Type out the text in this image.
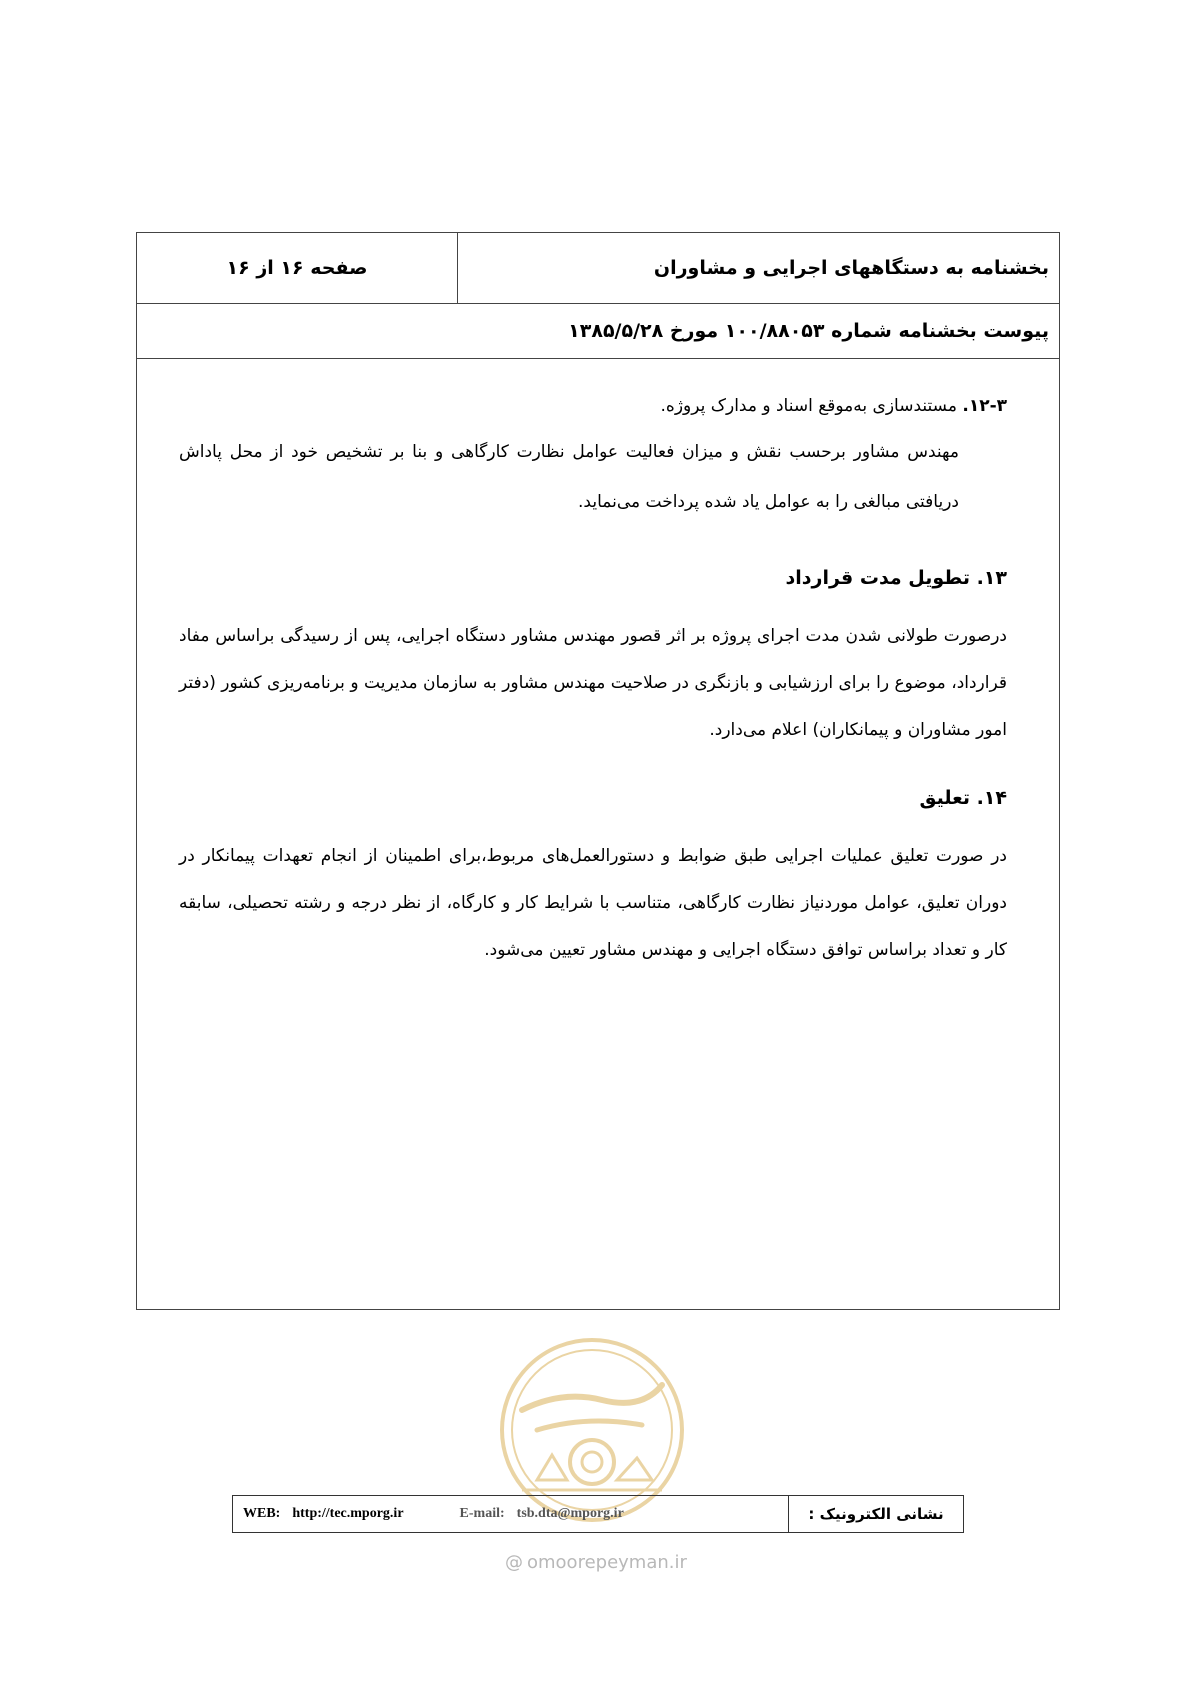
بخشنامه به دستگاههای اجرایی و مشاوران
صفحه ۱۶ از ۱۶
پیوست بخشنامه شماره ۱۰۰/۸۸۰۵۳ مورخ ۱۳۸۵/۵/۲۸

۱۲-۳. مستندسازی به‌موقع اسناد و مدارک پروژه.

مهندس مشاور برحسب نقش و میزان فعالیت عوامل نظارت کارگاهی و بنا بر تشخیص خود از محل پاداش دریافتی مبالغی را به عوامل یاد شده پرداخت می‌نماید.

۱۳. تطویل مدت قرارداد

درصورت طولانی شدن مدت اجرای پروژه بر اثر قصور مهندس مشاور دستگاه اجرایی، پس از رسیدگی براساس مفاد قرارداد، موضوع را برای ارزشیابی و بازنگری در صلاحیت مهندس مشاور به سازمان مدیریت و برنامه‌ریزی کشور (دفتر امور مشاوران و پیمانکاران) اعلام می‌دارد.

۱۴. تعلیق

در صورت تعلیق عملیات اجرایی طبق ضوابط و دستورالعمل‌های مربوط،برای اطمینان از انجام تعهدات پیمانکار در دوران تعلیق، عوامل موردنیاز نظارت کارگاهی، متناسب با شرایط کار و کارگاه، از نظر درجه و رشته تحصیلی، سابقه کار و تعداد براساس توافق دستگاه اجرایی و مهندس مشاور تعیین می‌شود.

WEB: http://tec.mporg.ir	E-mail: tsb.dta@mporg.ir	نشانی الکترونیک :
@ omoorepeyman.ir
